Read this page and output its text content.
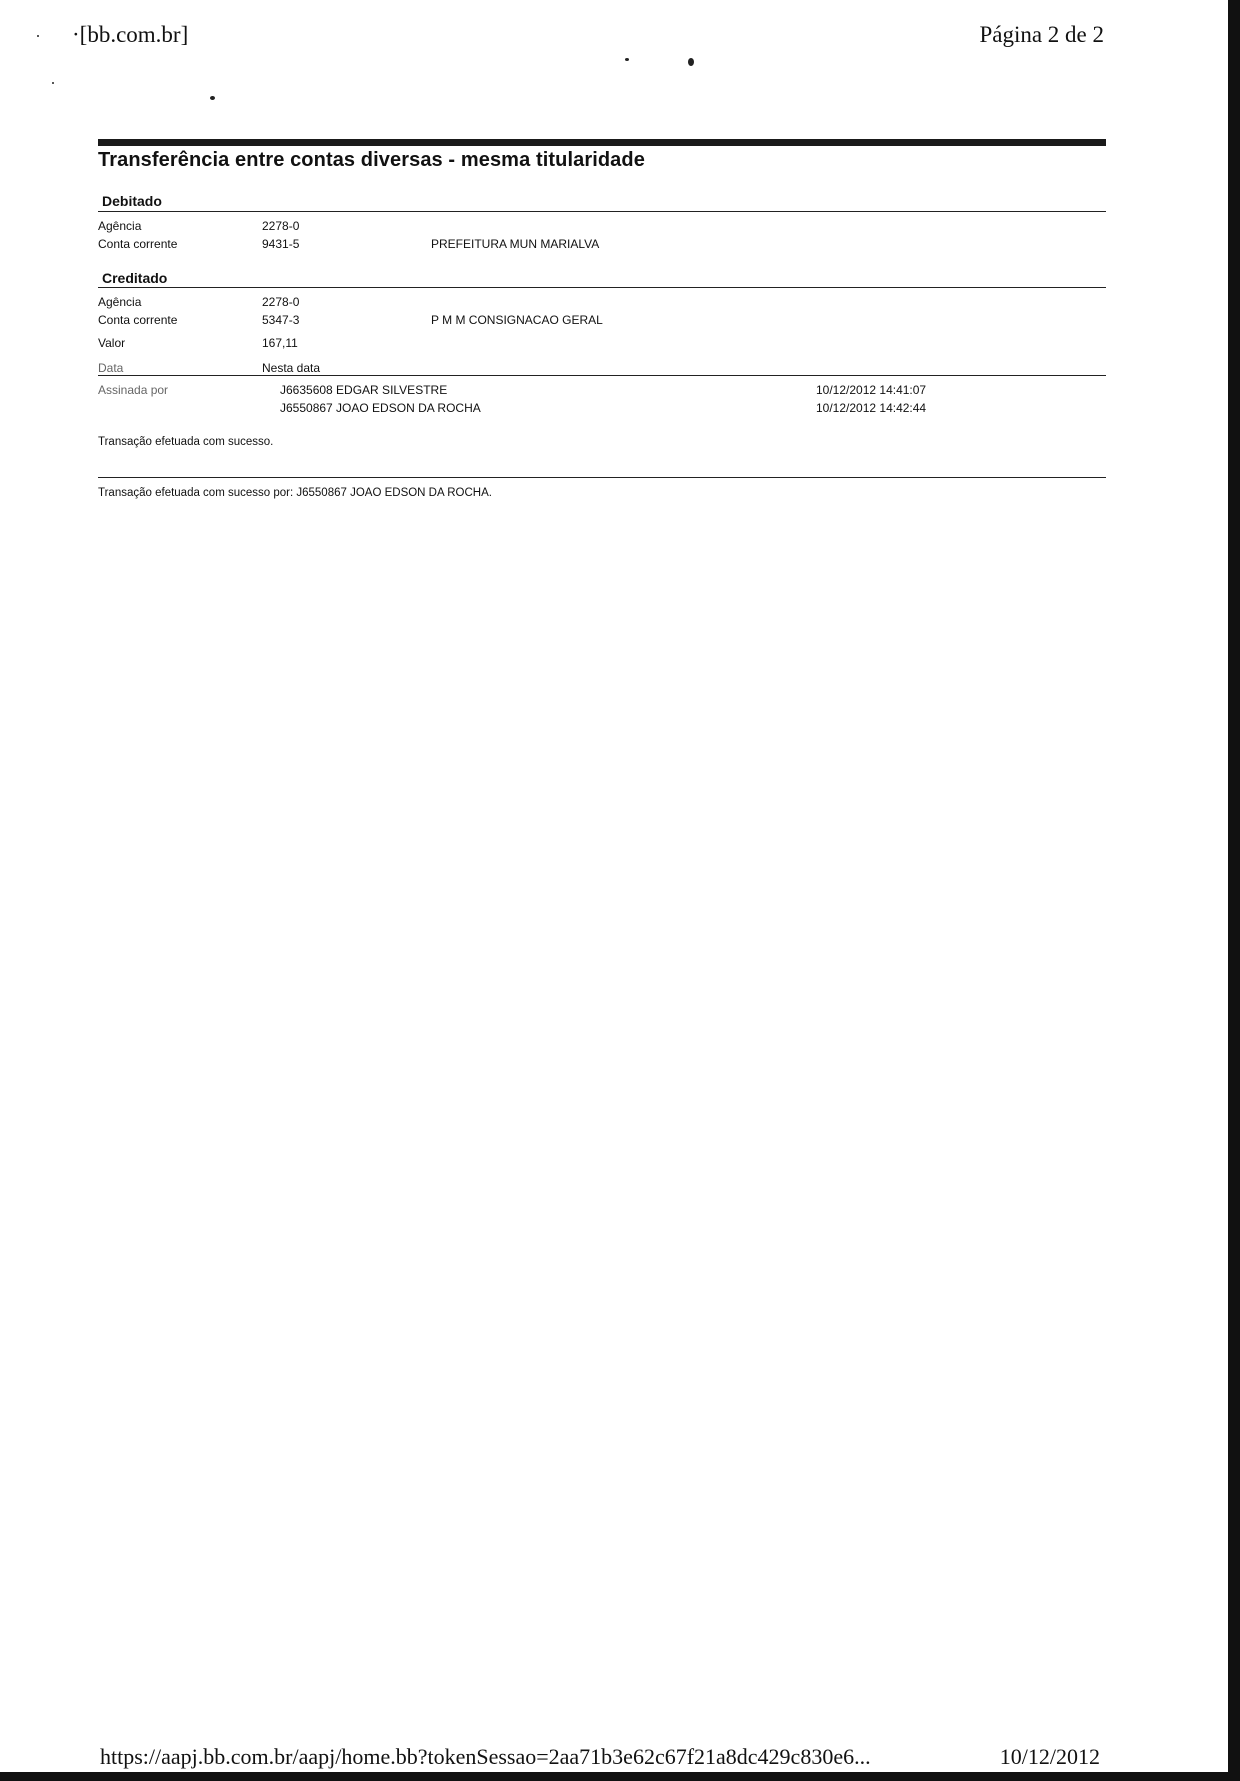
·[bb.com.br]	Página 2 de 2
Transferência entre contas diversas - mesma titularidade
Debitado
Agência	2278-0
Conta corrente	9431-5	PREFEITURA MUN MARIALVA
Creditado
Agência	2278-0
Conta corrente	5347-3	P M M CONSIGNACAO GERAL
Valor	167,11
Data	Nesta data
Assinada por	J6635608 EDGAR SILVESTRE	10/12/2012 14:41:07
J6550867 JOAO EDSON DA ROCHA	10/12/2012 14:42:44
Transação efetuada com sucesso.
Transação efetuada com sucesso por: J6550867 JOAO EDSON DA ROCHA.
https://aapj.bb.com.br/aapj/home.bb?tokenSessao=2aa71b3e62c67f21a8dc429c830e6...	10/12/2012
